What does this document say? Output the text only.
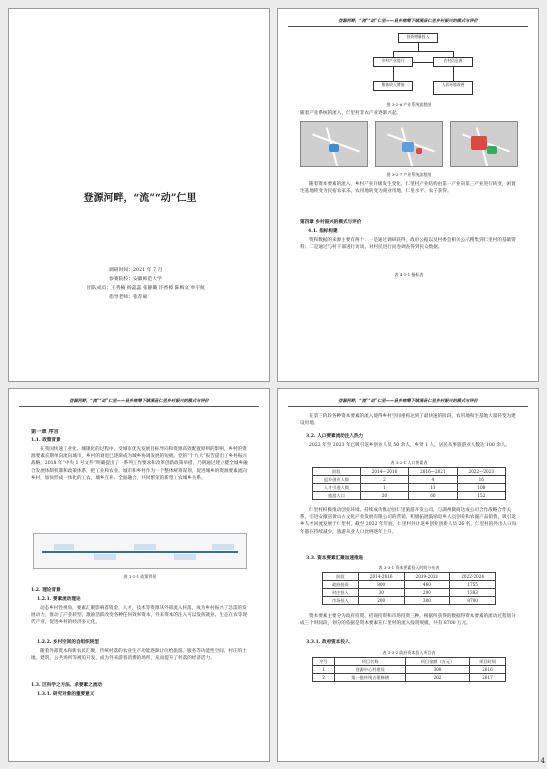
登源河畔，“流”“动”仁里
调研时间：2021 年 7 月
参赛院校：安徽师范大学
团队成员：王秀楠 杨蕊蕊 张静璐 许香樟 陈梅文 牟宇航
指导老师：张荐硕
登源河畔，“流”“动”仁里——县乡统筹下绩溪县仁里乡村振兴的模式与评价
投资增量投入
乡村产业提升	农村信息源
集体收入增加	人居环境改善
图 3-2-6 产业系统流程图
随着产业系统的流入，仁里村非农产业逐渐兴起。
图 3-2-7 产业系统流程图
随着资本要素的流入，乡村产业升级发生变化，仁里村产业结构由第一产业向第三产业进行转变，闲置宅基地转变为民宿农家乐、农用地转变为商业用地，仁里水平、农子获得。
第四章 乡村振兴的模式与评价
4.1. 指标构建
资和数据的来源主要有两个：一是通过调研获得，政府公据以及村委会相关公示搜集到仁里村的基础资料；二是通过与村干部进行访谈，对村民进行问卷调查得到民众数据。
表 4-1-1 指标表
登源河畔，“流”“动”仁里——县乡统筹下绩溪县仁里乡村振兴的模式与评价
第一章 序言
1.1. 政策背景
在我国快速工业化、城镇化的过程中，受城市优先发展目标导向和资源高效配置原则的影响，乡村的资源要素长期单向流向城市，乡村的衰退已逐渐成为城乡协调发展的短板。党的“十九大”报告提出了乡村振兴战略，2018 年“中央 1 号文件”明确提出了一系列工作要求和改革创新政策举措，乃明通过建立健全城乡融合发展体制机制和政策体系，把工业和农业、城市和乡村作为一个整体统筹谋划，促进城乡的资源要素流向乡村，加快形成一体化的工农，城乡互补、全面融合、共同繁荣的新型工农城乡关系。
图 1-1-1 政策背景
1.2. 理论背景
1.2.1. 要素流动理论
动态乡村性视角，要素汇聚影响着资金，人才，技术等资源从外部流入村落，成为乡村振兴了急需的发展动力，推动了产业转型，激励活跃改变各种任何效率资本，外来资本的注入可以发挥就业、生态在农等现代产业，促进乡村的经济多元化。
1.2.2. 乡村空间的自组织转型
随着外部资本和新农民汇聚，传统村落的农业生产功能逐渐让位给旅游、服务等功能性空间，村庄的土地、建筑、公共场所等被迫开发，成为外来游客消费的场所，从而提升了村落的经济活力。
1.3. 区科学之方法、求要素之流动
1.3.1. 研究对象的重要意义
登源河畔，“流”“动”仁里——县乡统筹下绩溪县仁里乡村振兴的模式与评价
在第三阶段各种资本要素的流入使得乡村空间重构达到了最快速的阶段，农用地和宅基地大量转变为建设用地。
3.2. 人口要素流动注入热力
2022 年至 2023 年已吸引返乡创业人员 50 余人，乡贤 1 人。居民从事旅游业人数达 100 余人。
表 3-2-1 人口要素表
阶段	2014—2016	2016—2021	2022—2023
返乡创业人数	2	4	16
人才引进人数	1	11	108
旅游人口	20	60	152
仁里村积极推动创业环境，持续成功推动县仁里旅游开发公司，与湖州微商达成公司合作战略合作关系，引进安徽省黄山古文化产业发展有限公司的营销，积极拓展鼓励返乡人员创业和农副产品销售，吸引返乡人才回流发展于仁里村，截至 2022 年年底，仁里村共计返乡创业创新人员 26 名，仁里村的外出人口每年都在持续减少，旅游从业人口比例逐年上升。
3.3. 资本要素汇聚加速推进
表 3-3-1 资本要素投入时间分布表
阶段	2014-2016	2019-2021	2022-2024
政府投资	800	460	1755
村庄投入	30	200	1383
市场投入	200	300	8700
资本要素主要分为政府投资、招商投资和市场投资三种。根据所获得的数据得资本要素的流动过程划分成三个时间段，划分的依据是资本要素在仁里村的流入投资规模，共有 8700 万元。
3.3.1. 政府资本投入
表 3-3-2 政府资本投入项目表
序号	项目名称	项目金额（万元）	项目时间
1	登源中心村建设	300	2016
2	第一批传统古建修缮	202	2017
4
